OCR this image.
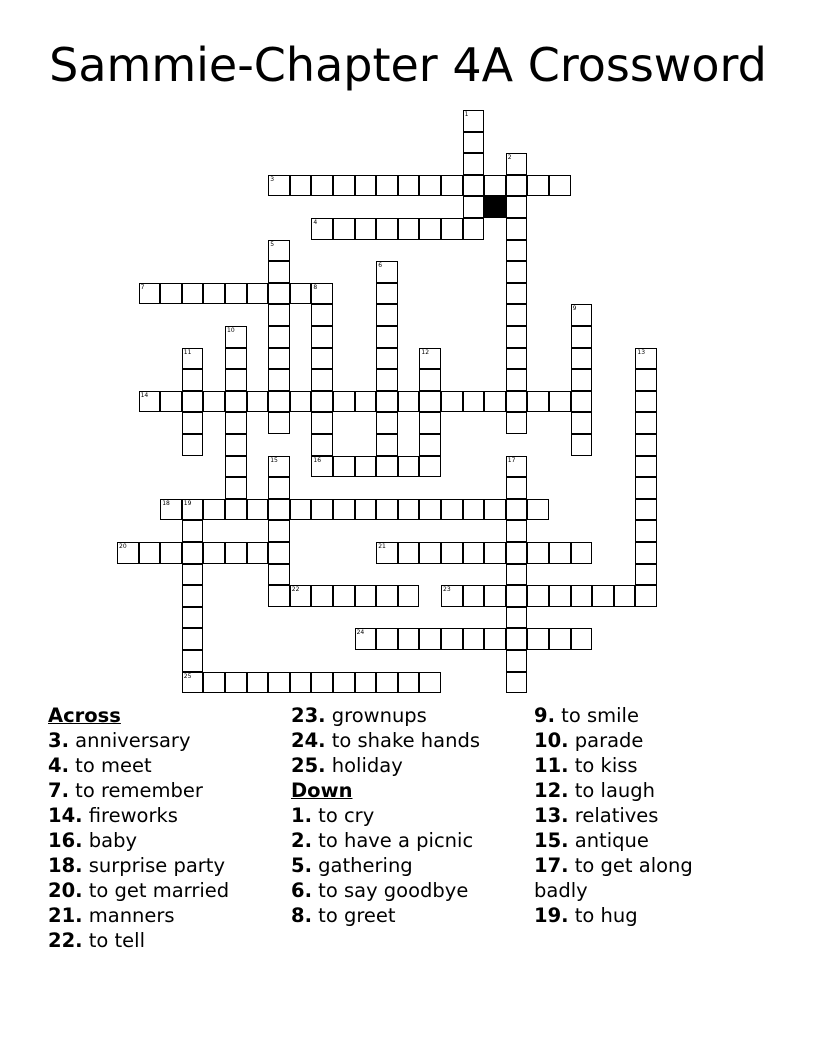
Sammie-Chapter 4A Crossword
1
2
3
4
5
6
7	8
16
9
10
11	12	13
14
15	17
18 19
25
20	21
22	23
24
Across
3. anniversary
4. to meet
7. to remember
14. fireworks
16. baby
18. surprise party
20. to get married
21. manners
22. to tell
23. grownups
24. to shake hands
25. holiday
Down
1. to cry
2. to have a picnic
5. gathering
6. to say goodbye
8. to greet
9. to smile
10. parade
11. to kiss
12. to laugh
13. relatives
15. antique
17. to get along badly
19. to hug
